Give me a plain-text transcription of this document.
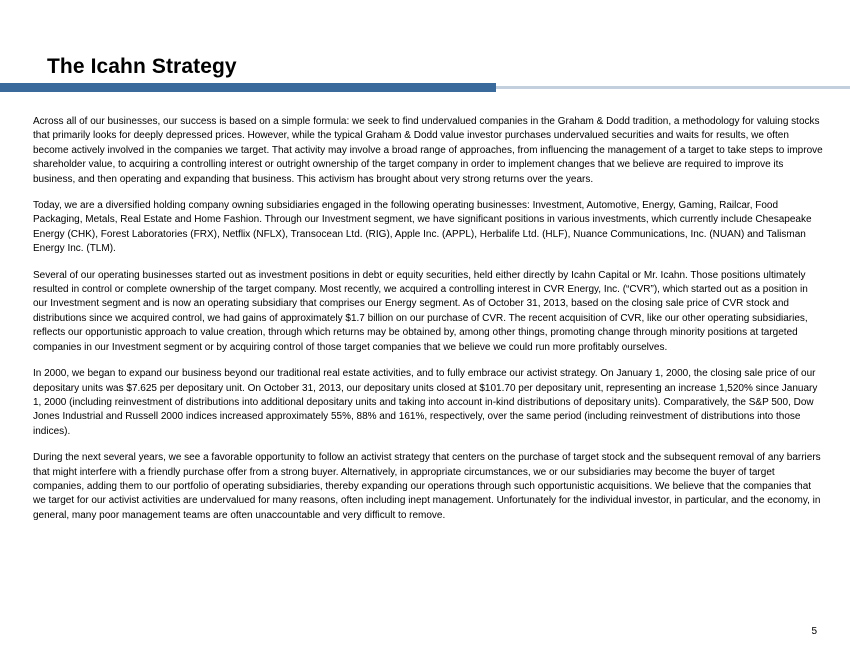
The Icahn Strategy

Across all of our businesses, our success is based on a simple formula: we seek to find undervalued companies in the Graham & Dodd tradition, a methodology for valuing stocks that primarily looks for deeply depressed prices. However, while the typical Graham & Dodd value investor purchases undervalued securities and waits for results, we often become actively involved in the companies we target. That activity may involve a broad range of approaches, from influencing the management of a target to take steps to improve shareholder value, to acquiring a controlling interest or outright ownership of the target company in order to implement changes that we believe are required to improve its business, and then operating and expanding that business. This activism has brought about very strong returns over the years.

Today, we are a diversified holding company owning subsidiaries engaged in the following operating businesses: Investment, Automotive, Energy, Gaming, Railcar, Food Packaging, Metals, Real Estate and Home Fashion. Through our Investment segment, we have significant positions in various investments, which currently include Chesapeake Energy (CHK), Forest Laboratories (FRX), Netflix (NFLX), Transocean Ltd. (RIG), Apple Inc. (APPL), Herbalife Ltd. (HLF), Nuance Communications, Inc. (NUAN) and Talisman Energy Inc. (TLM).

Several of our operating businesses started out as investment positions in debt or equity securities, held either directly by Icahn Capital or Mr. Icahn. Those positions ultimately resulted in control or complete ownership of the target company. Most recently, we acquired a controlling interest in CVR Energy, Inc. (“CVR”), which started out as a position in our Investment segment and is now an operating subsidiary that comprises our Energy segment. As of October 31, 2013, based on the closing sale price of CVR stock and distributions since we acquired control, we had gains of approximately $1.7 billion on our purchase of CVR. The recent acquisition of CVR, like our other operating subsidiaries, reflects our opportunistic approach to value creation, through which returns may be obtained by, among other things, promoting change through minority positions at targeted companies in our Investment segment or by acquiring control of those target companies that we believe we could run more profitably ourselves.

In 2000, we began to expand our business beyond our traditional real estate activities, and to fully embrace our activist strategy. On January 1, 2000, the closing sale price of our depositary units was $7.625 per depositary unit. On October 31, 2013, our depositary units closed at $101.70 per depositary unit, representing an increase 1,520% since January 1, 2000 (including reinvestment of distributions into additional depositary units and taking into account in-kind distributions of depositary units). Comparatively, the S&P 500, Dow Jones Industrial and Russell 2000 indices increased approximately 55%, 88% and 161%, respectively, over the same period (including reinvestment of distributions into those indices).

During the next several years, we see a favorable opportunity to follow an activist strategy that centers on the purchase of target stock and the subsequent removal of any barriers that might interfere with a friendly purchase offer from a strong buyer. Alternatively, in appropriate circumstances, we or our subsidiaries may become the buyer of target companies, adding them to our portfolio of operating subsidiaries, thereby expanding our operations through such opportunistic acquisitions. We believe that the companies that we target for our activist activities are undervalued for many reasons, often including inept management. Unfortunately for the individual investor, in particular, and the economy, in general, many poor management teams are often unaccountable and very difficult to remove.

5
